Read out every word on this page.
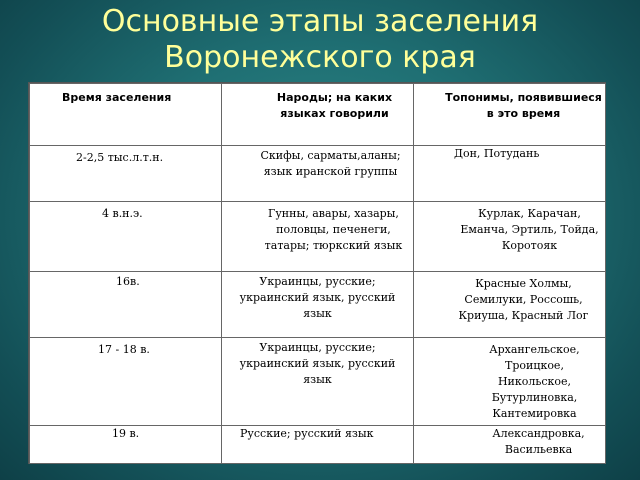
Основные этапы заселения Воронежского края
Время заселения	Народы; на каких языках говорили	Топонимы, появившиеся в это время

2-2,5 тыс.л.т.н.	Скифы, сарматы,аланы; язык иранской группы	Дон, Потудань

4 в.н.э.	Гунны, авары, хазары, половцы, печенеги, татары; тюркский язык	Курлак, Карачан, Еманча, Эртиль, Тойда, Коротояк

16в.	Украинцы, русские; украинский язык, русский язык	Красные Холмы, Семилуки, Россошь, Криуша, Красный Лог

17 - 18 в.	Украинцы, русские; украинский язык, русский язык	Архангельское, Троицкое, Никольское, Бутурлиновка, Кантемировка

19 в.	Русские; русский язык	Александровка, Васильевка
